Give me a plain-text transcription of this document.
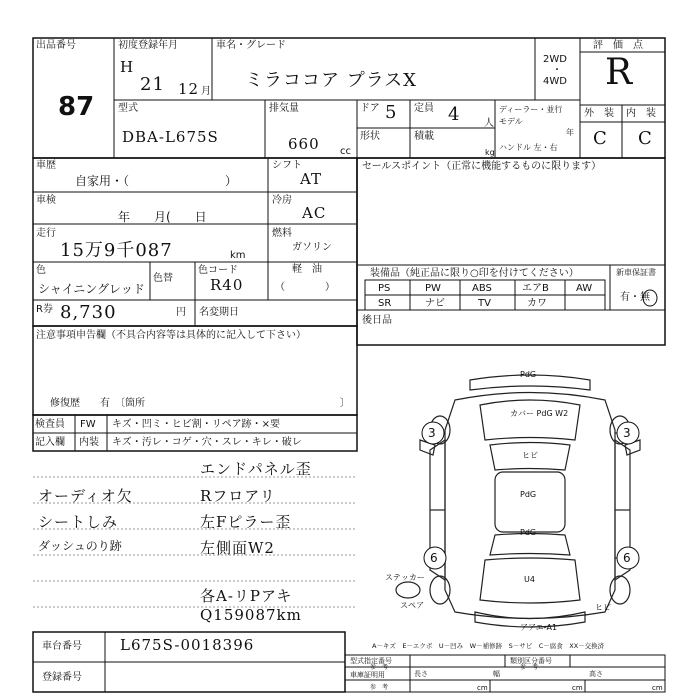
出品番号
87
初度登録年月
H
21 12 月
車名・グレード
ミラココア プラスX
2WD
・
4WD
評　価　点
R
型式
DBA-L675S
排気量
660 cc
ドア 5 定員 4 人
形状	積載
kg
ディーラー・並行
モデル
年
ハンドル 左・右
外　装 内　装
C C
車歴
自家用・（　　　　　　　　）
車検
年　　月(　　日
走行
15万9千087	km
色
シャイニングレッド
色替
色コード
R40
R券 8,730	円 名変期日
シフト
AT
冷房
AC
燃料
ガソリン
軽　油
（　　　　）
セールスポイント（正常に機能するものに限ります）
装備品（純正品に限り○印を付けてください）
PS	PW	ABS	エアB	AW
SR	ナビ	TV	カワ
新車保証書
有・無
後日品
注意事項申告欄（不具合内容等は具体的に記入して下さい）
修復歴　　有　〔箇所	〕
検査員
記入欄
FW キズ・凹ミ・ヒビ割・リペア跡・×要
内装 キズ・汚レ・コゲ・穴・スレ・キレ・破レ
オーディオ欠
シートしみ
ダッシュのり跡
エンドパネル歪
Rフロアリ
左Fピラー歪
左側面W2
各A-リPアキ
Q159087km
PdG
カバー PdG W2
ヒビ
PdG
PdG
U4
ステッカー
スペア
アアエ-A1
ヒビ
3	3
6	6
A－キズ　E－エクボ　U－凹み　W－補修跡　S－サビ　C－腐食　XX－交換済
車台番号	L675S-0018396
登録番号
型式指定番号
参　考
類別区分番号
参　考
車庫証明用
参　考
長さ
cm
幅
cm
高さ
cm
